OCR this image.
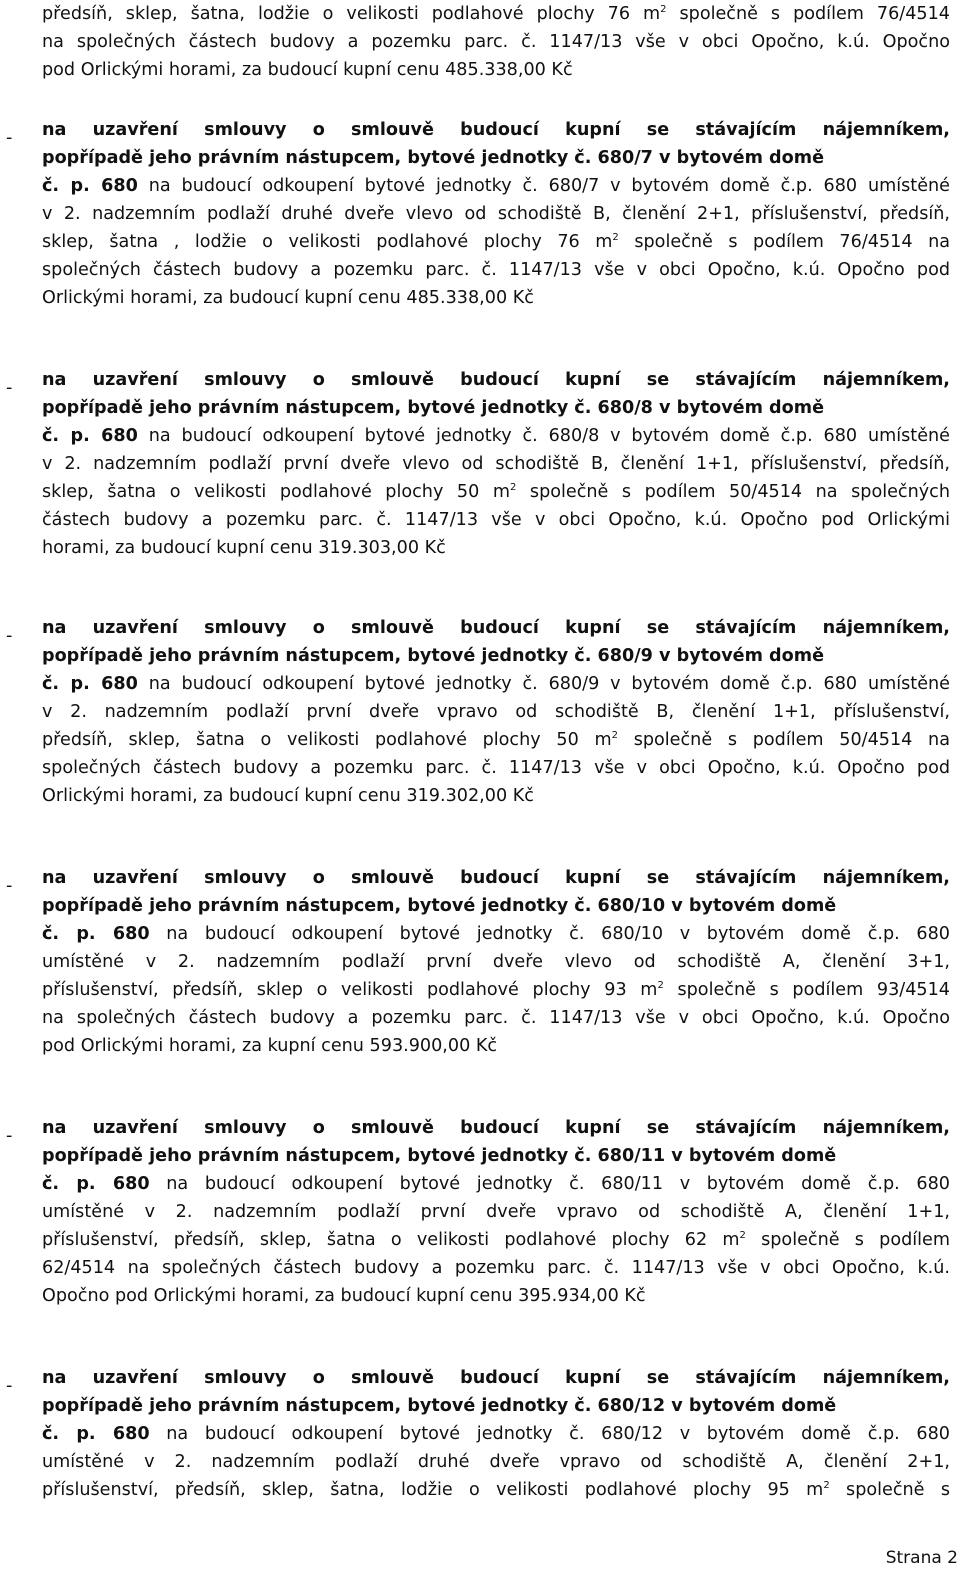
předsíň, sklep, šatna, lodžie o velikosti podlahové plochy 76 $m^2$ společně s podílem 76/4514
na společných částech budovy a pozemku parc. č. 1147/13 vše v obci Opočno, k.ú. Opočno
pod Orlickými horami, za budoucí kupní cenu 485.338,00 Kč
- na uzavření smlouvy o smlouvě budoucí kupní se stávajícím nájemníkem,
popřípadě jeho právním nástupcem, bytové jednotky č. 680/7 v bytovém domě
č. p. 680 na budoucí odkoupení bytové jednotky č. 680/7 v bytovém domě č.p. 680 umístěné
v 2. nadzemním podlaží druhé dveře vlevo od schodiště B, členění 2+1, příslušenství, předsíň,
sklep, šatna , lodžie o velikosti podlahové plochy 76 $m^2$ společně s podílem 76/4514 na
společných částech budovy a pozemku parc. č. 1147/13 vše v obci Opočno, k.ú. Opočno pod
Orlickými horami, za budoucí kupní cenu 485.338,00 Kč
- na uzavření smlouvy o smlouvě budoucí kupní se stávajícím nájemníkem,
popřípadě jeho právním nástupcem, bytové jednotky č. 680/8 v bytovém domě
č. p. 680 na budoucí odkoupení bytové jednotky č. 680/8 v bytovém domě č.p. 680 umístěné
v 2. nadzemním podlaží první dveře vlevo od schodiště B, členění 1+1, příslušenství, předsíň,
sklep, šatna o velikosti podlahové plochy 50 $m^2$ společně s podílem 50/4514 na společných
částech budovy a pozemku parc. č. 1147/13 vše v obci Opočno, k.ú. Opočno pod Orlickými
horami, za budoucí kupní cenu 319.303,00 Kč
- na uzavření smlouvy o smlouvě budoucí kupní se stávajícím nájemníkem,
popřípadě jeho právním nástupcem, bytové jednotky č. 680/9 v bytovém domě
č. p. 680 na budoucí odkoupení bytové jednotky č. 680/9 v bytovém domě č.p. 680 umístěné
v 2. nadzemním podlaží první dveře vpravo od schodiště B, členění 1+1, příslušenství,
předsíň, sklep, šatna o velikosti podlahové plochy 50 $m^2$ společně s podílem 50/4514 na
společných částech budovy a pozemku parc. č. 1147/13 vše v obci Opočno, k.ú. Opočno pod
Orlickými horami, za budoucí kupní cenu 319.302,00 Kč
- na uzavření smlouvy o smlouvě budoucí kupní se stávajícím nájemníkem,
popřípadě jeho právním nástupcem, bytové jednotky č. 680/10 v bytovém domě
č. p. 680 na budoucí odkoupení bytové jednotky č. 680/10 v bytovém domě č.p. 680
umístěné v 2. nadzemním podlaží první dveře vlevo od schodiště A, členění 3+1,
příslušenství, předsíň, sklep o velikosti podlahové plochy 93 $m^2$ společně s podílem 93/4514
na společných částech budovy a pozemku parc. č. 1147/13 vše v obci Opočno, k.ú. Opočno
pod Orlickými horami, za kupní cenu 593.900,00 Kč
- na uzavření smlouvy o smlouvě budoucí kupní se stávajícím nájemníkem,
popřípadě jeho právním nástupcem, bytové jednotky č. 680/11 v bytovém domě
č. p. 680 na budoucí odkoupení bytové jednotky č. 680/11 v bytovém domě č.p. 680
umístěné v 2. nadzemním podlaží první dveře vpravo od schodiště A, členění 1+1,
příslušenství, předsíň, sklep, šatna o velikosti podlahové plochy 62 $m^2$ společně s podílem
62/4514 na společných částech budovy a pozemku parc. č. 1147/13 vše v obci Opočno, k.ú.
Opočno pod Orlickými horami, za budoucí kupní cenu 395.934,00 Kč
- na uzavření smlouvy o smlouvě budoucí kupní se stávajícím nájemníkem,
popřípadě jeho právním nástupcem, bytové jednotky č. 680/12 v bytovém domě
č. p. 680 na budoucí odkoupení bytové jednotky č. 680/12 v bytovém domě č.p. 680
umístěné v 2. nadzemním podlaží druhé dveře vpravo od schodiště A, členění 2+1,
příslušenství, předsíň, sklep, šatna, lodžie o velikosti podlahové plochy 95 $m^2$ společně s
Strana 2
